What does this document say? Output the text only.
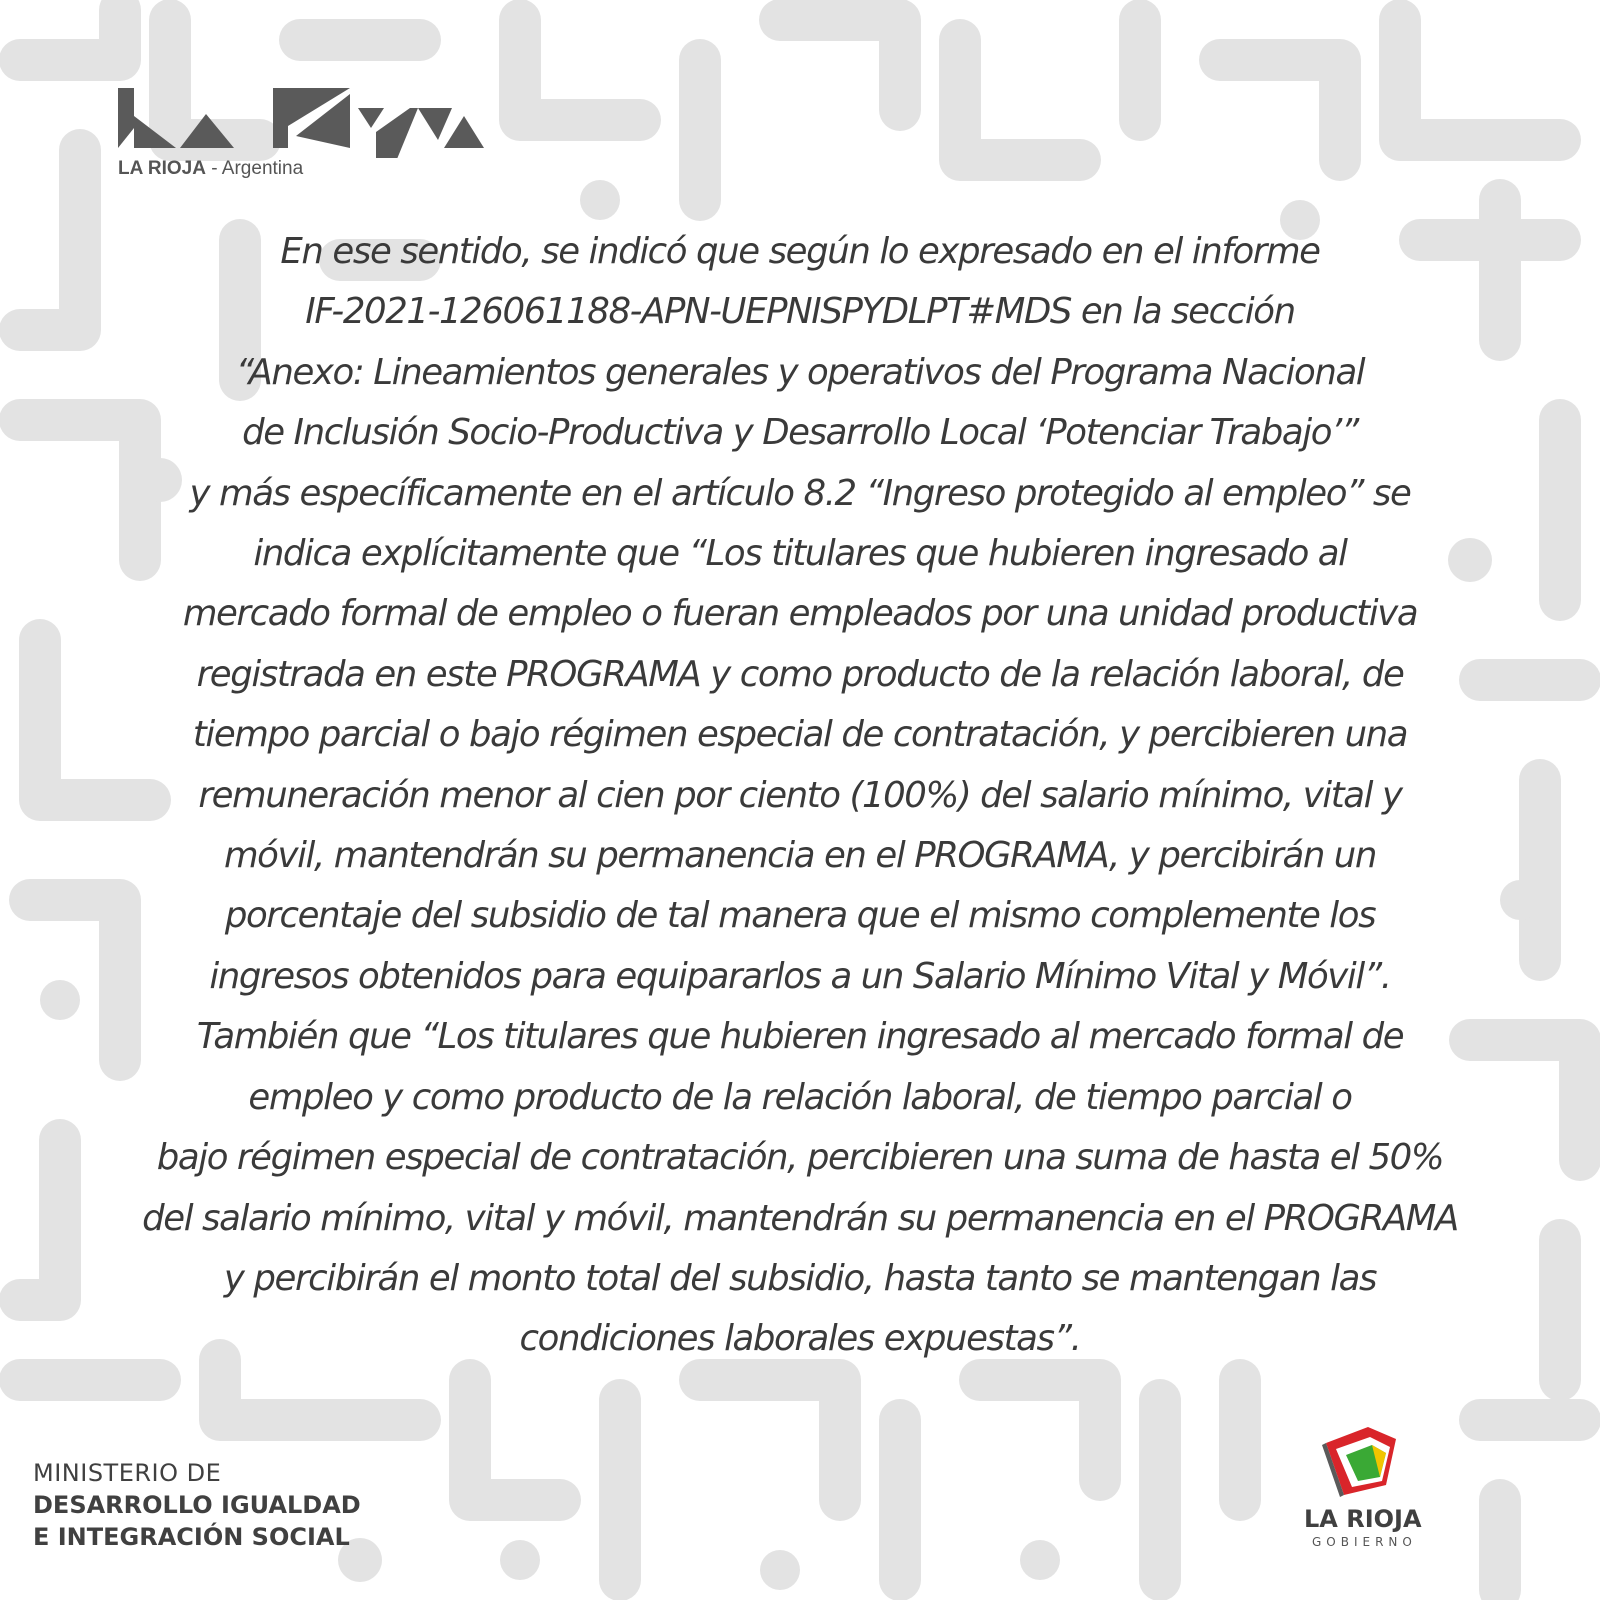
LA RIOJA - Argentina
En ese sentido, se indicó que según lo expresado en el informe
IF-2021-126061188-APN-UEPNISPYDLPT#MDS en la sección
“Anexo: Lineamientos generales y operativos del Programa Nacional
de Inclusión Socio-Productiva y Desarrollo Local ‘Potenciar Trabajo’”
y más específicamente en el artículo 8.2 “Ingreso protegido al empleo” se
indica explícitamente que “Los titulares que hubieren ingresado al
mercado formal de empleo o fueran empleados por una unidad productiva
registrada en este PROGRAMA y como producto de la relación laboral, de
tiempo parcial o bajo régimen especial de contratación, y percibieren una
remuneración menor al cien por ciento (100%) del salario mínimo, vital y
móvil, mantendrán su permanencia en el PROGRAMA, y percibirán un
porcentaje del subsidio de tal manera que el mismo complemente los
ingresos obtenidos para equipararlos a un Salario Mínimo Vital y Móvil”.
También que “Los titulares que hubieren ingresado al mercado formal de
empleo y como producto de la relación laboral, de tiempo parcial o
bajo régimen especial de contratación, percibieren una suma de hasta el 50%
del salario mínimo, vital y móvil, mantendrán su permanencia en el PROGRAMA
y percibirán el monto total del subsidio, hasta tanto se mantengan las
condiciones laborales expuestas”.
MINISTERIO DE
DESARROLLO IGUALDAD
E INTEGRACIÓN SOCIAL
LA RIOJA
GOBIERNO
